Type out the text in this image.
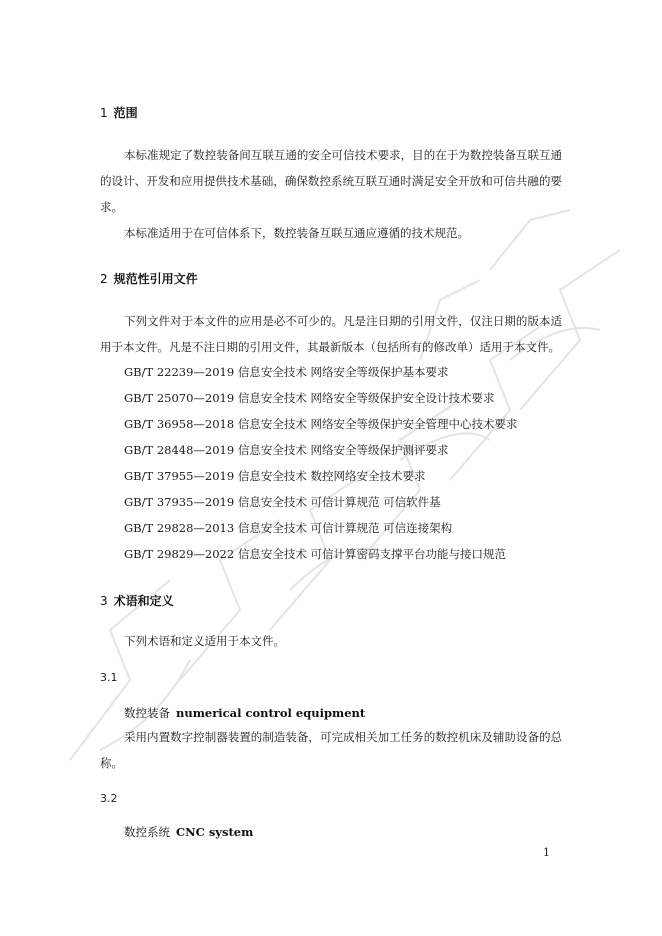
1 范围
本标准规定了数控装备间互联互通的安全可信技术要求，目的在于为数控装备互联互通的设计、开发和应用提供技术基础，确保数控系统互联互通时满足安全开放和可信共融的要求。
本标准适用于在可信体系下，数控装备互联互通应遵循的技术规范。
2 规范性引用文件
下列文件对于本文件的应用是必不可少的。凡是注日期的引用文件，仅注日期的版本适用于本文件。凡是不注日期的引用文件，其最新版本（包括所有的修改单）适用于本文件。
GB/T 22239—2019 信息安全技术 网络安全等级保护基本要求
GB/T 25070—2019 信息安全技术 网络安全等级保护安全设计技术要求
GB/T 36958—2018 信息安全技术 网络安全等级保护安全管理中心技术要求
GB/T 28448—2019 信息安全技术 网络安全等级保护测评要求
GB/T 37955—2019 信息安全技术 数控网络安全技术要求
GB/T 37935—2019 信息安全技术 可信计算规范 可信软件基
GB/T 29828—2013 信息安全技术 可信计算规范 可信连接架构
GB/T 29829—2022 信息安全技术 可信计算密码支撑平台功能与接口规范
3 术语和定义
下列术语和定义适用于本文件。
3.1
数控装备 numerical control equipment
采用内置数字控制器装置的制造装备，可完成相关加工任务的数控机床及辅助设备的总称。
3.2
数控系统 CNC system
1
